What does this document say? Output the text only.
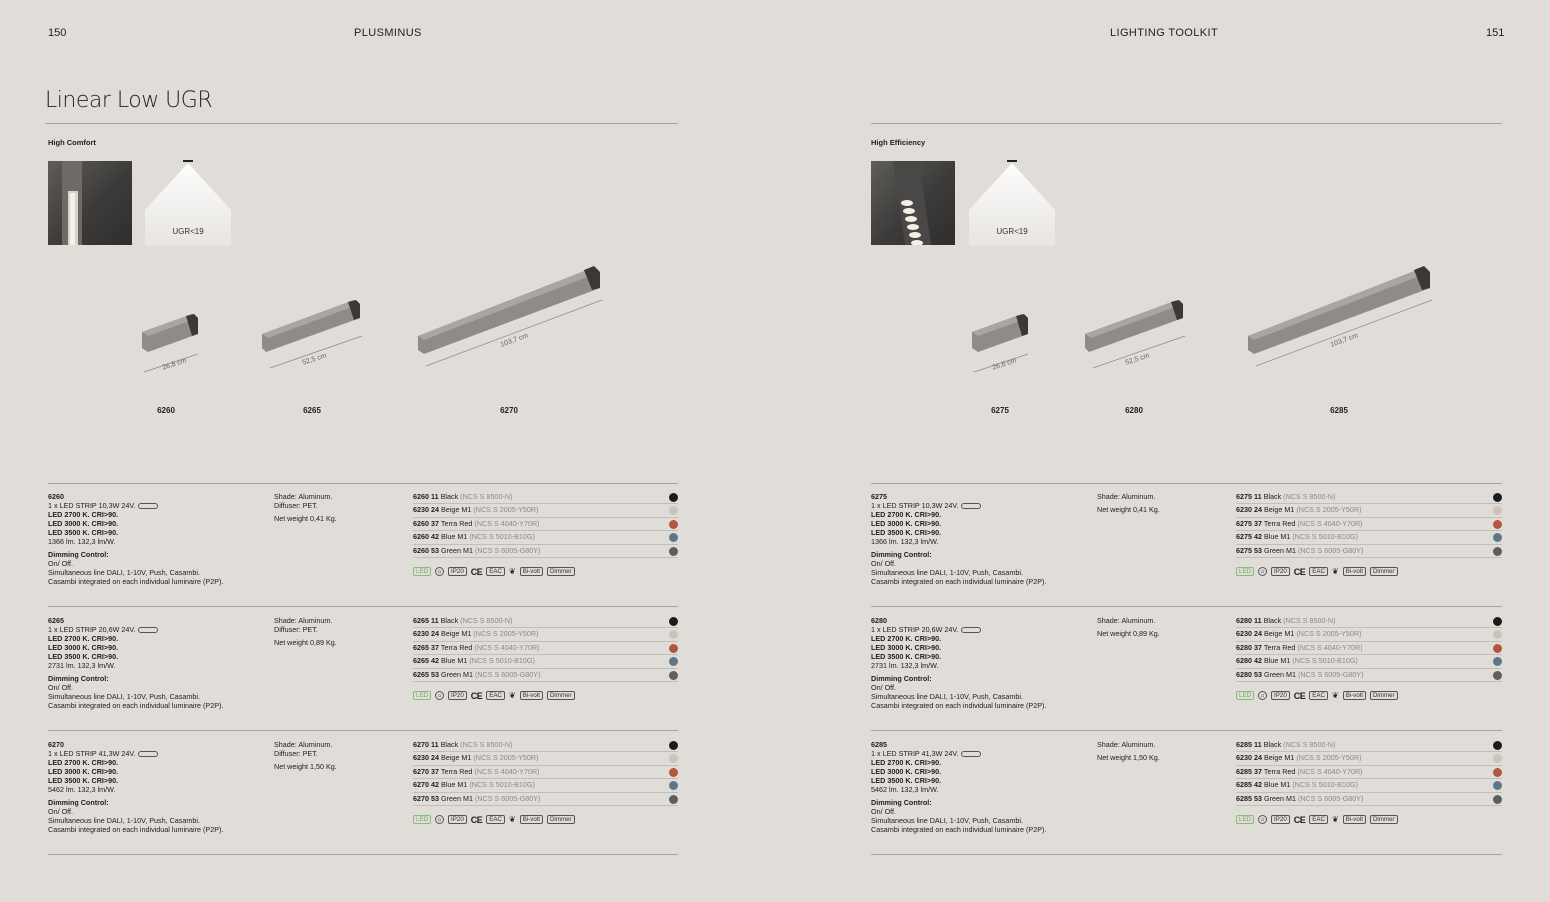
150	PLUSMINUS
Linear Low UGR
High Comfort
UGR<19
26,8 cm	52,5 cm
103,7 cm
6260	6265	6270
LIGHTING TOOLKIT	151
High Efficiency
UGR<19
26,8 cm	52,5 cm
103,7 cm
6275	6280	6285
6260
1 x LED STRIP 10,3W 24V.
LED 2700 K. CRI>90.
LED 3000 K. CRI>90.
LED 3500 K. CRI>90.
1366 lm. 132,3 lm/W.
Dimming Control:
On/ Off.
Simultaneous line DALI, 1-10V, Push, Casambi.
Casambi integrated on each individual luminaire (P2P).
Shade: Aluminum.
Diffuser: PET.
Net weight 0,41 Kg.
6260 11 Black (NCS S 8500-N)
6230 24 Beige M1 (NCS S 2005-Y50R)
6260 37 Terra Red (NCS S 4040-Y70R)
6260 42 Blue M1 (NCS S 5010-B10G)
6260 53 Green M1 (NCS S 6005-G80Y)
LED	⌂	IP20 CE	EAC ❦	Bi-volt	Dimmer
6265
1 x LED STRIP 20,6W 24V.
LED 2700 K. CRI>90.
LED 3000 K. CRI>90.
LED 3500 K. CRI>90.
2731 lm. 132,3 lm/W.
Dimming Control:
On/ Off.
Simultaneous line DALI, 1-10V, Push, Casambi.
Casambi integrated on each individual luminaire (P2P).
Shade: Aluminum.
Diffuser: PET.
Net weight 0,89 Kg.
6265 11 Black (NCS S 8500-N)
6230 24 Beige M1 (NCS S 2005-Y50R)
6265 37 Terra Red (NCS S 4040-Y70R)
6265 42 Blue M1 (NCS S 5010-B10G)
6265 53 Green M1 (NCS S 6005-G80Y)
LED	⌂	IP20 CE	EAC ❦	Bi-volt	Dimmer
6270
1 x LED STRIP 41,3W 24V.
LED 2700 K. CRI>90.
LED 3000 K. CRI>90.
LED 3500 K. CRI>90.
5462 lm. 132,3 lm/W.
Dimming Control:
On/ Off.
Simultaneous line DALI, 1-10V, Push, Casambi.
Casambi integrated on each individual luminaire (P2P).
Shade: Aluminum.
Diffuser: PET.
Net weight 1,50 Kg.
6270 11 Black (NCS S 8500-N)
6230 24 Beige M1 (NCS S 2005-Y50R)
6270 37 Terra Red (NCS S 4040-Y70R)
6270 42 Blue M1 (NCS S 5010-B10G)
6270 53 Green M1 (NCS S 6005-G80Y)
LED	⌂	IP20 CE	EAC ❦	Bi-volt	Dimmer
6275
1 x LED STRIP 10,3W 24V.
LED 2700 K. CRI>90.
LED 3000 K. CRI>90.
LED 3500 K. CRI>90.
1366 lm. 132,3 lm/W.
Dimming Control:
On/ Off.
Simultaneous line DALI, 1-10V, Push, Casambi.
Casambi integrated on each individual luminaire (P2P).
Shade: Aluminum.
Net weight 0,41 Kg.
6275 11 Black (NCS S 8500-N)
6230 24 Beige M1 (NCS S 2005-Y50R)
6275 37 Terra Red (NCS S 4040-Y70R)
6275 42 Blue M1 (NCS S 5010-B10G)
6275 53 Green M1 (NCS S 6005-G80Y)
LED	⌂	IP20 CE	EAC ❦	Bi-volt	Dimmer
6280
1 x LED STRIP 20,6W 24V.
LED 2700 K. CRI>90.
LED 3000 K. CRI>90.
LED 3500 K. CRI>90.
2731 lm. 132,3 lm/W.
Dimming Control:
On/ Off.
Simultaneous line DALI, 1-10V, Push, Casambi.
Casambi integrated on each individual luminaire (P2P).
Shade: Aluminum.
Net weight 0,89 Kg.
6280 11 Black (NCS S 8500-N)
6230 24 Beige M1 (NCS S 2005-Y50R)
6280 37 Terra Red (NCS S 4040-Y70R)
6280 42 Blue M1 (NCS S 5010-B10G)
6280 53 Green M1 (NCS S 6005-G80Y)
LED	⌂	IP20 CE	EAC ❦	Bi-volt	Dimmer
6285
1 x LED STRIP 41,3W 24V.
LED 2700 K. CRI>90.
LED 3000 K. CRI>90.
LED 3500 K. CRI>90.
5462 lm. 132,3 lm/W.
Dimming Control:
On/ Off.
Simultaneous line DALI, 1-10V, Push, Casambi.
Casambi integrated on each individual luminaire (P2P).
Shade: Aluminum.
Net weight 1,50 Kg.
6285 11 Black (NCS S 8500-N)
6230 24 Beige M1 (NCS S 2005-Y50R)
6285 37 Terra Red (NCS S 4040-Y70R)
6285 42 Blue M1 (NCS S 5010-B10G)
6285 53 Green M1 (NCS S 6005-G80Y)
LED	⌂	IP20 CE	EAC ❦	Bi-volt	Dimmer
